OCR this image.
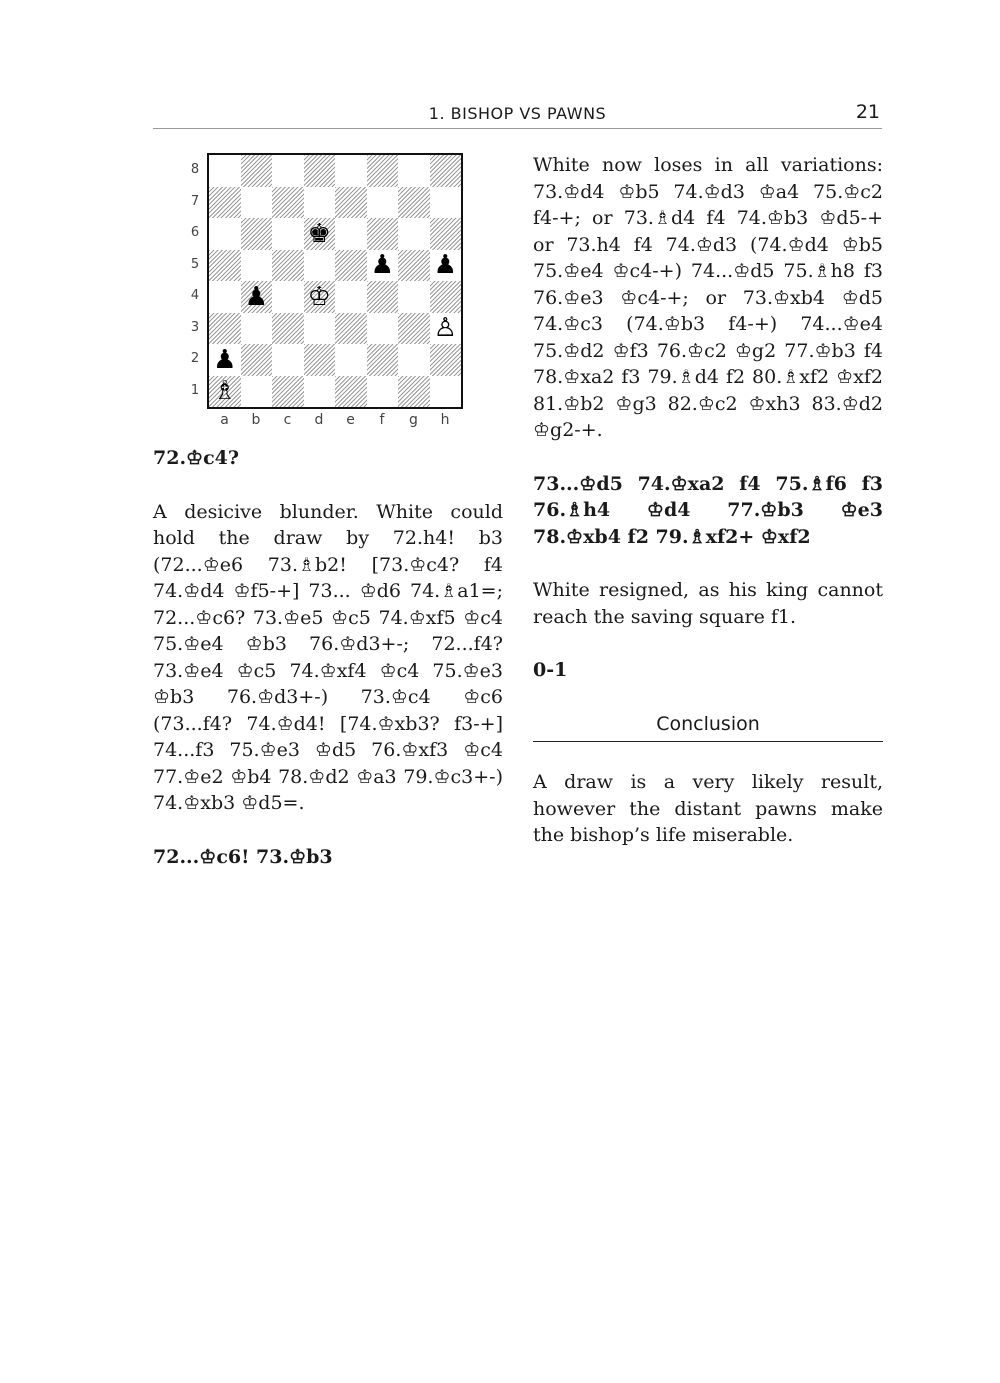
1. BISHOP VS PAWNS	21
8
7
6
5
4
3
2
1
♚
♟ ♟
♟ ♔
♙
♟
♗
a	b	c	d	e	f	g	h

72.♔c4?

A desicive blunder. White could hold the draw by 72.h4! b3 (72...♔e6 73.♗b2! [73.♔c4? f4 74.♔d4 ♔f5-+] 73... ♔d6 74.♗a1=; 72...♔c6? 73.♔e5 ♔c5 74.♔xf5 ♔c4 75.♔e4 ♔b3 76.♔d3+-; 72...f4? 73.♔e4 ♔c5 74.♔xf4 ♔c4 75.♔e3 ♔b3 76.♔d3+-) 73.♔c4 ♔c6 (73...f4? 74.♔d4! [74.♔xb3? f3-+] 74...f3 75.♔e3 ♔d5 76.♔xf3 ♔c4 77.♔e2 ♔b4 78.♔d2 ♔a3 79.♔c3+-) 74.♔xb3 ♔d5=.

72...♔c6! 73.♔b3

White now loses in all variations: 73.♔d4 ♔b5 74.♔d3 ♔a4 75.♔c2 f4-+; or 73.♗d4 f4 74.♔b3 ♔d5-+ or 73.h4 f4 74.♔d3 (74.♔d4 ♔b5 75.♔e4 ♔c4-+) 74...♔d5 75.♗h8 f3 76.♔e3 ♔c4-+; or 73.♔xb4 ♔d5 74.♔c3 (74.♔b3 f4-+) 74...♔e4 75.♔d2 ♔f3 76.♔c2 ♔g2 77.♔b3 f4 78.♔xa2 f3 79.♗d4 f2 80.♗xf2 ♔xf2 81.♔b2 ♔g3 82.♔c2 ♔xh3 83.♔d2 ♔g2-+.

73...♔d5 74.♔xa2 f4 75.♗f6 f3 76.♗h4 ♔d4 77.♔b3 ♔e3 78.♔xb4 f2 79.♗xf2+ ♔xf2

White resigned, as his king cannot reach the saving square f1.

0-1

Conclusion

A draw is a very likely result, however the distant pawns make the bishop’s life miserable.
